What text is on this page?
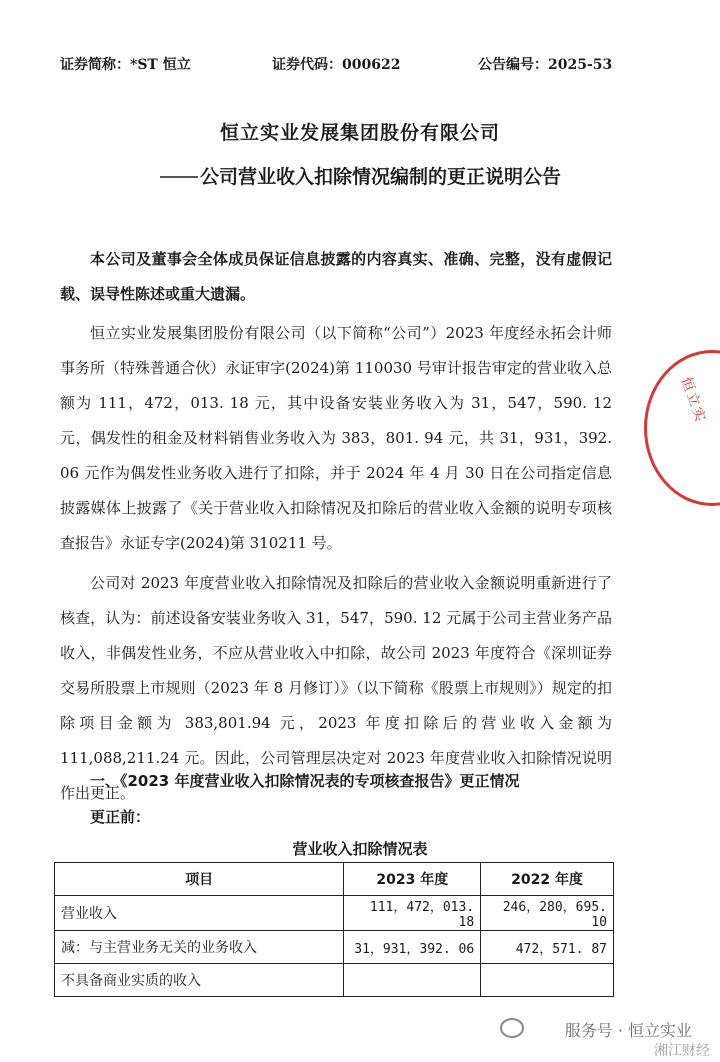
证券简称：*ST 恒立	证券代码：000622	公告编号：2025-53
恒立实业发展集团股份有限公司
公司营业收入扣除情况编制的更正说明公告
本公司及董事会全体成员保证信息披露的内容真实、准确、完整，没有虚假记载、误导性陈述或重大遗漏。
恒立实业发展集团股份有限公司（以下简称“公司”）2023 年度经永拓会计师事务所（特殊普通合伙）永证审字(2024)第 110030 号审计报告审定的营业收入总额为 111，472，013. 18 元，其中设备安装业务收入为 31，547，590. 12 元，偶发性的租金及材料销售业务收入为 383，801. 94 元，共 31，931，392. 06 元作为偶发性业务收入进行了扣除，并于 2024 年 4 月 30 日在公司指定信息披露媒体上披露了《关于营业收入扣除情况及扣除后的营业收入金额的说明专项核查报告》永证专字(2024)第 310211 号。
公司对 2023 年度营业收入扣除情况及扣除后的营业收入金额说明重新进行了核查，认为：前述设备安装业务收入 31，547，590. 12 元属于公司主营业务产品收入，非偶发性业务，不应从营业收入中扣除，故公司 2023 年度符合《深圳证券交易所股票上市规则（2023 年 8 月修订）》（以下简称《股票上市规则》）规定的扣除项目金额为 383,801.94 元，2023 年度扣除后的营业收入金额为 111,088,211.24 元。因此，公司管理层决定对 2023 年度营业收入扣除情况说明作出更正。
一、《2023 年度营业收入扣除情况表的专项核查报告》更正情况
更正前：
营业收入扣除情况表
项目	2023 年度	2022 年度
营业收入	111，472，013. 18	246，280，695. 10
减：与主营业务无关的业务收入	31，931，392. 06	472，571. 87
不具备商业实质的收入		
恒立实
服务号 · 恒立实业
湘江财经
